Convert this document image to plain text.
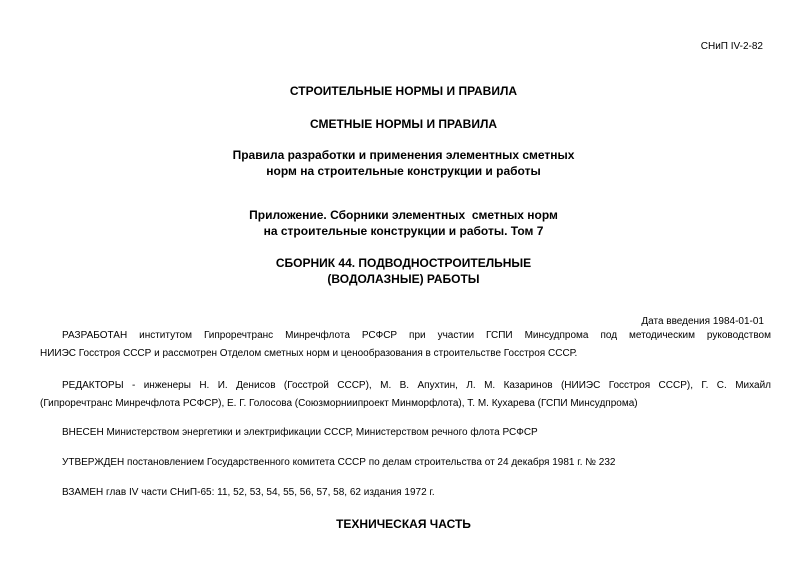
СНиП IV-2-82
СТРОИТЕЛЬНЫЕ НОРМЫ И ПРАВИЛА
СМЕТНЫЕ НОРМЫ И ПРАВИЛА
Правила разработки и применения элементных сметных
норм на строительные конструкции и работы
Приложение. Сборники элементных  сметных норм
на строительные конструкции и работы. Том 7
СБОРНИК 44. ПОДВОДНОСТРОИТЕЛЬНЫЕ
(ВОДОЛАЗНЫЕ) РАБОТЫ
Дата введения 1984-01-01
РАЗРАБОТАН институтом Гипроречтранс Минречфлота РСФСР при участии ГСПИ Минсудпрома под методическим руководством
НИИЭС Госстроя СССР и рассмотрен Отделом сметных норм и ценообразования в строительстве Госстроя СССР.
РЕДАКТОРЫ - инженеры Н. И. Денисов (Госстрой СССР), М. В. Апухтин, Л. М. Казаринов (НИИЭС Госстроя СССР), Г. С. Михайл
(Гипроречтранс Минречфлота РСФСР), Е. Г. Голосова (Союзморниипроект Минморфлота), Т. М. Кухарева (ГСПИ Минсудпрома)
ВНЕСЕН Министерством энергетики и электрификации СССР, Министерством речного флота РСФСР
УТВЕРЖДЕН постановлением Государственного комитета СССР по делам строительства от 24 декабря 1981 г. № 232
ВЗАМЕН глав IV части СНиП-65: 11, 52, 53, 54, 55, 56, 57, 58, 62 издания 1972 г.
ТЕХНИЧЕСКАЯ ЧАСТЬ
